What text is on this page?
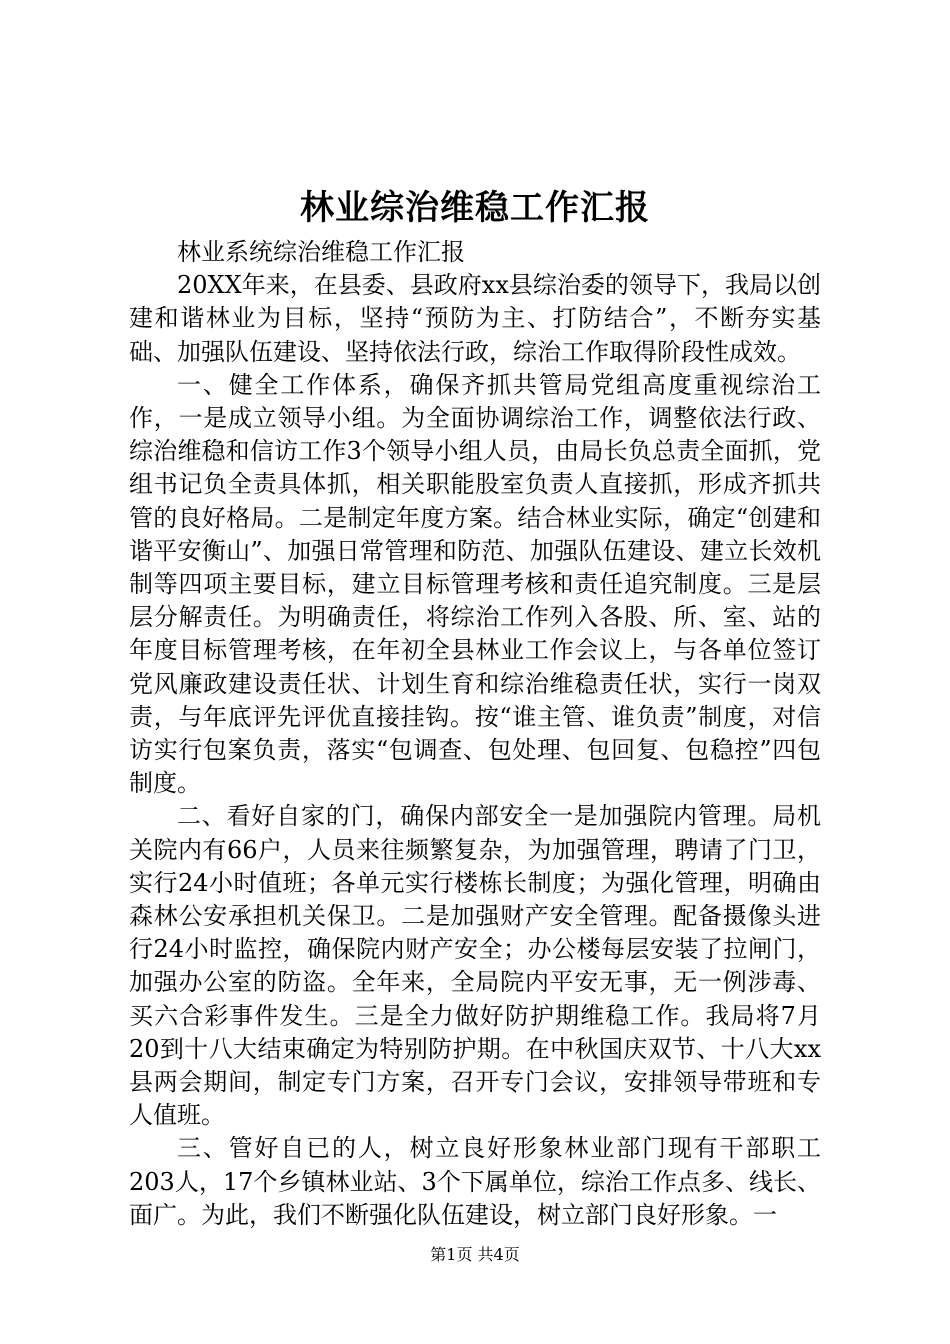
林业综治维稳工作汇报

林业系统综治维稳工作汇报

20XX年来，在县委、县政府xx县综治委的领导下，我局以创建和谐林业为目标，坚持“预防为主、打防结合”，不断夯实基础、加强队伍建设、坚持依法行政，综治工作取得阶段性成效。

一、健全工作体系，确保齐抓共管局党组高度重视综治工作，一是成立领导小组。为全面协调综治工作，调整依法行政、综治维稳和信访工作3个领导小组人员，由局长负总责全面抓，党组书记负全责具体抓，相关职能股室负责人直接抓，形成齐抓共管的良好格局。二是制定年度方案。结合林业实际，确定“创建和谐平安衡山”、加强日常管理和防范、加强队伍建设、建立长效机制等四项主要目标，建立目标管理考核和责任追究制度。三是层层分解责任。为明确责任，将综治工作列入各股、所、室、站的年度目标管理考核，在年初全县林业工作会议上，与各单位签订党风廉政建设责任状、计划生育和综治维稳责任状，实行一岗双责，与年底评先评优直接挂钩。按“谁主管、谁负责”制度，对信访实行包案负责，落实“包调查、包处理、包回复、包稳控”四包制度。

二、看好自家的门，确保内部安全一是加强院内管理。局机关院内有66户，人员来往频繁复杂，为加强管理，聘请了门卫，实行24小时值班；各单元实行楼栋长制度；为强化管理，明确由森林公安承担机关保卫。二是加强财产安全管理。配备摄像头进行24小时监控，确保院内财产安全；办公楼每层安装了拉闸门，加强办公室的防盗。全年来，全局院内平安无事，无一例涉毒、买六合彩事件发生。三是全力做好防护期维稳工作。我局将7月20到十八大结束确定为特别防护期。在中秋国庆双节、十八大xx县两会期间，制定专门方案，召开专门会议，安排领导带班和专人值班。

三、管好自已的人，树立良好形象林业部门现有干部职工203人，17个乡镇林业站、3个下属单位，综治工作点多、线长、面广。为此，我们不断强化队伍建设，树立部门良好形象。一

第1页 共4页
